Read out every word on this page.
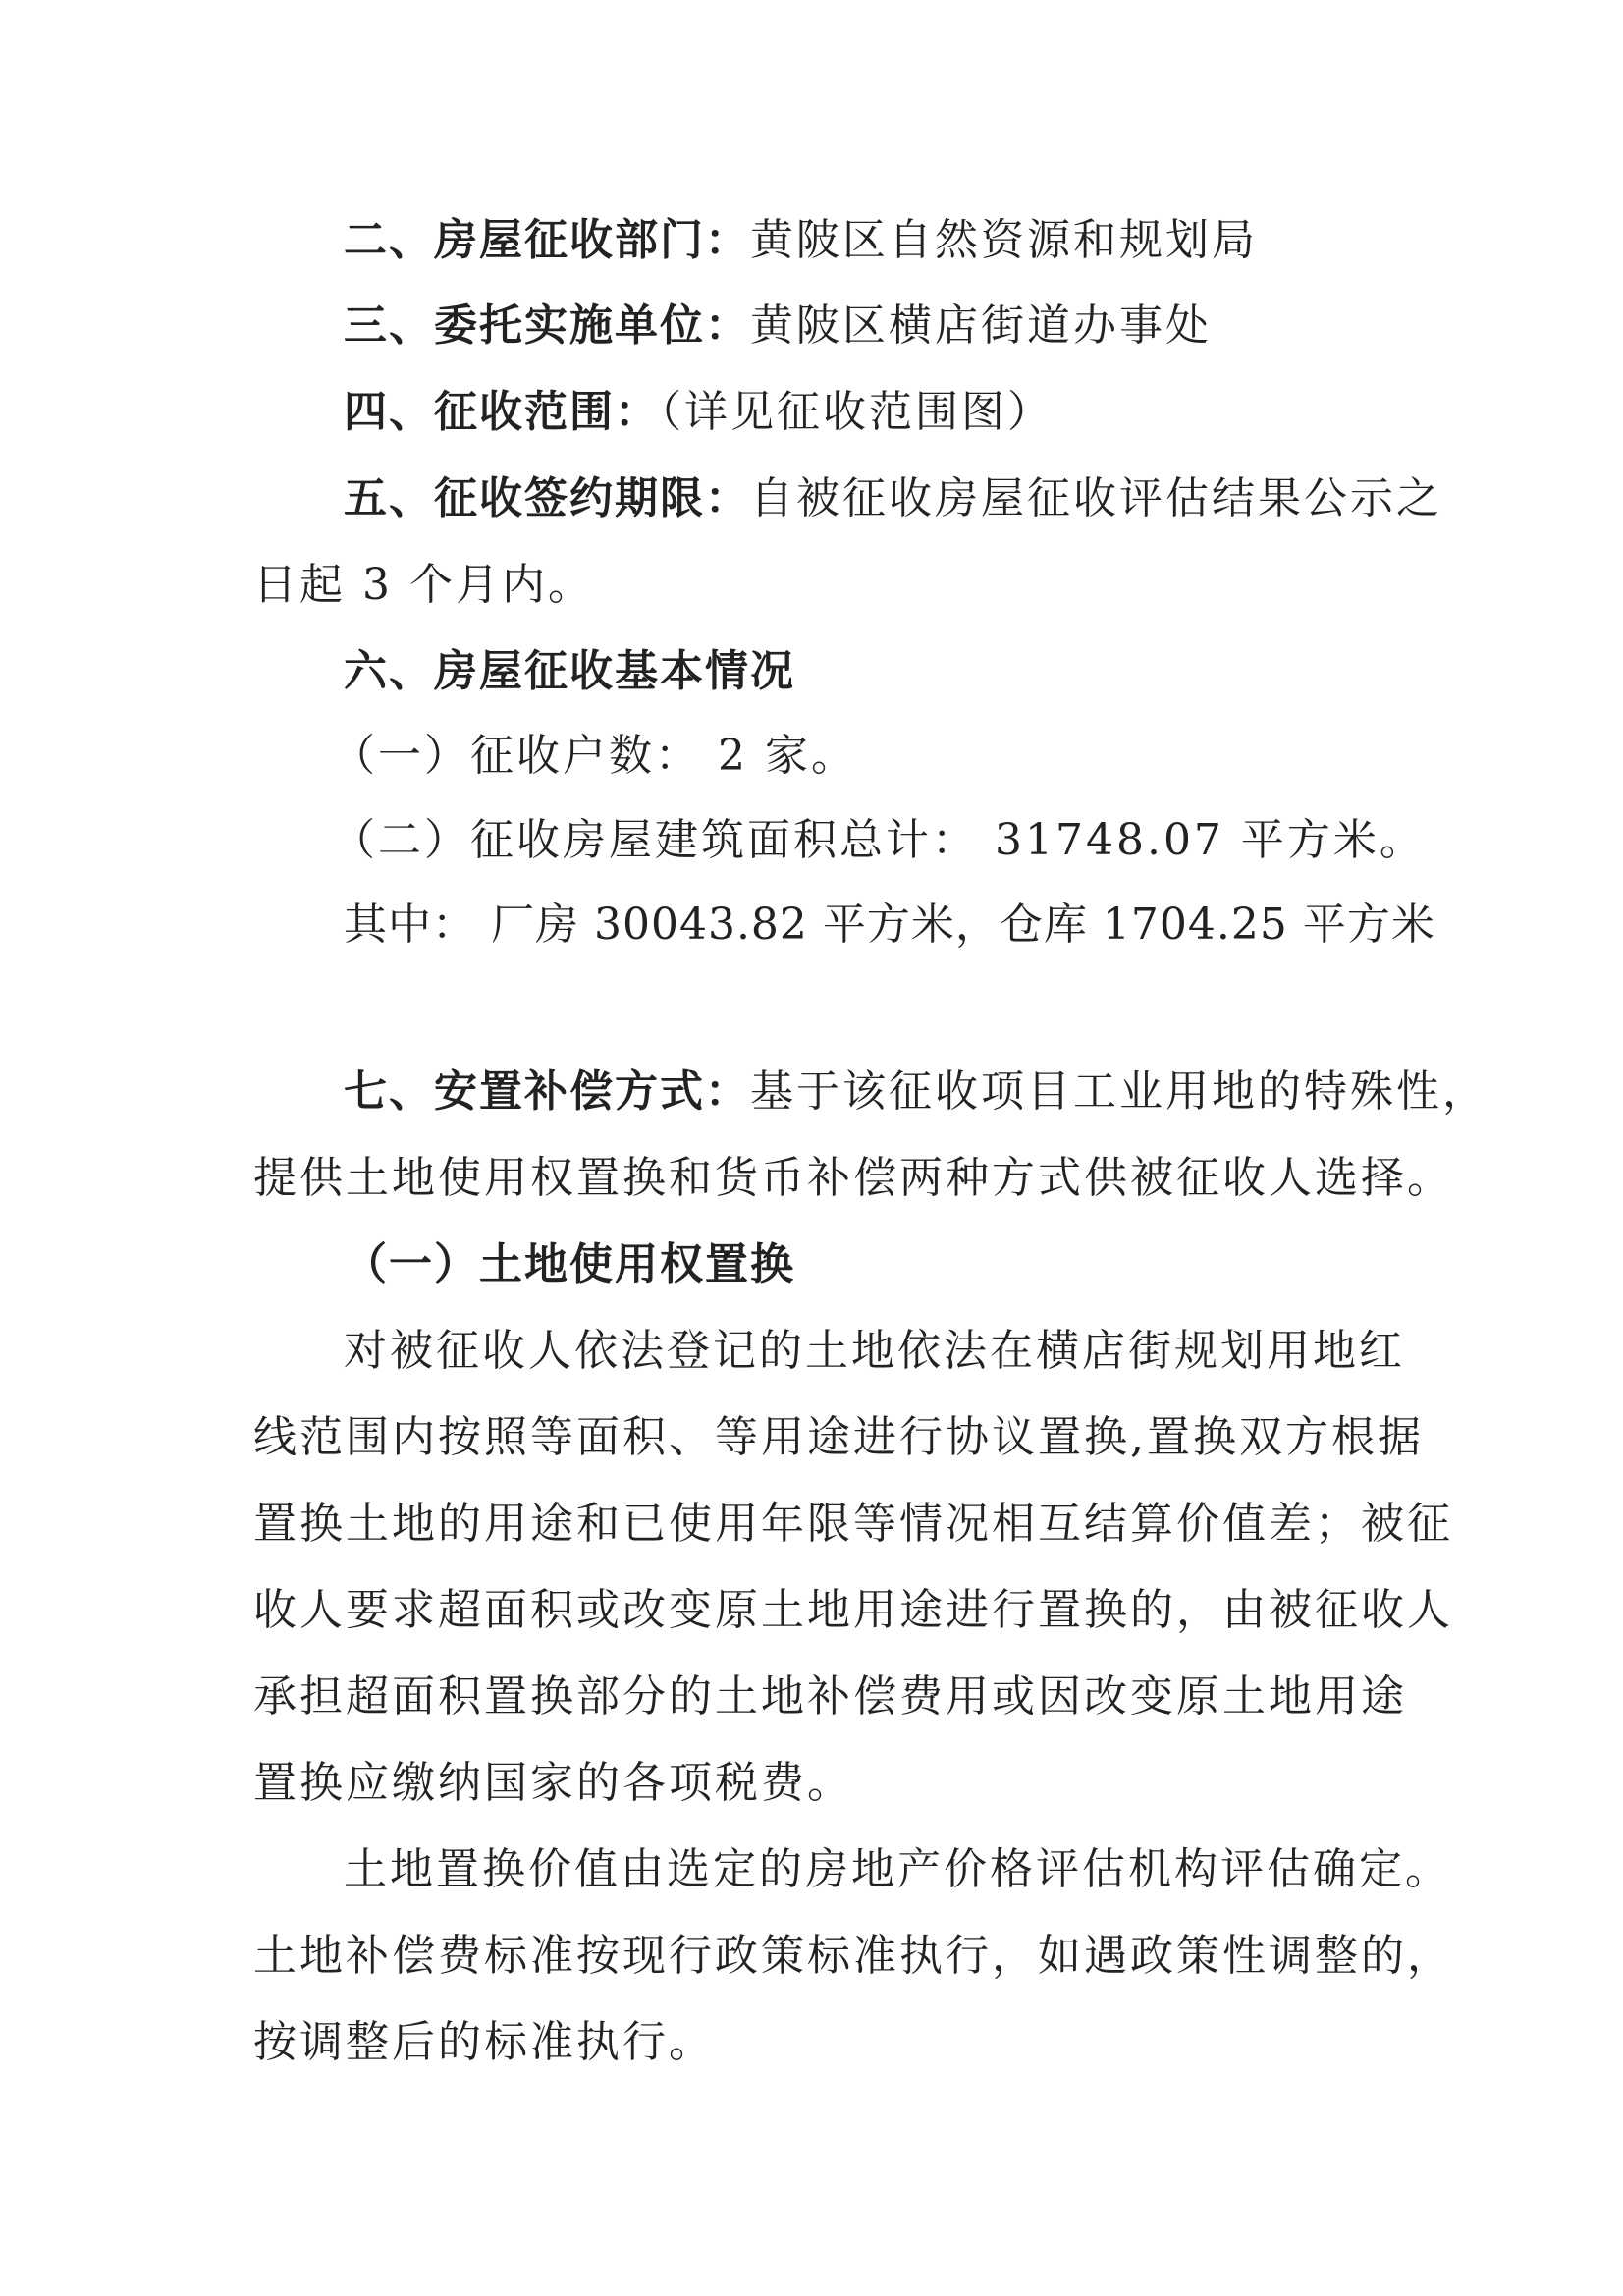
二、房屋征收部门：黄陂区自然资源和规划局
三、委托实施单位：黄陂区横店街道办事处
四、征收范围：（详见征收范围图）
五、征收签约期限：自被征收房屋征收评估结果公示之
日起 3 个月内。
六、房屋征收基本情况
（一）征收户数： 2 家。
（二）征收房屋建筑面积总计： 31748.07 平方米。
其中： 厂房 30043.82 平方米，仓库 1704.25 平方米
七、安置补偿方式：基于该征收项目工业用地的特殊性，
提供土地使用权置换和货币补偿两种方式供被征收人选择。
（一）土地使用权置换
对被征收人依法登记的土地依法在横店街规划用地红
线范围内按照等面积、等用途进行协议置换,置换双方根据
置换土地的用途和已使用年限等情况相互结算价值差；被征
收人要求超面积或改变原土地用途进行置换的，由被征收人
承担超面积置换部分的土地补偿费用或因改变原土地用途
置换应缴纳国家的各项税费。
土地置换价值由选定的房地产价格评估机构评估确定。
土地补偿费标准按现行政策标准执行，如遇政策性调整的，
按调整后的标准执行。
